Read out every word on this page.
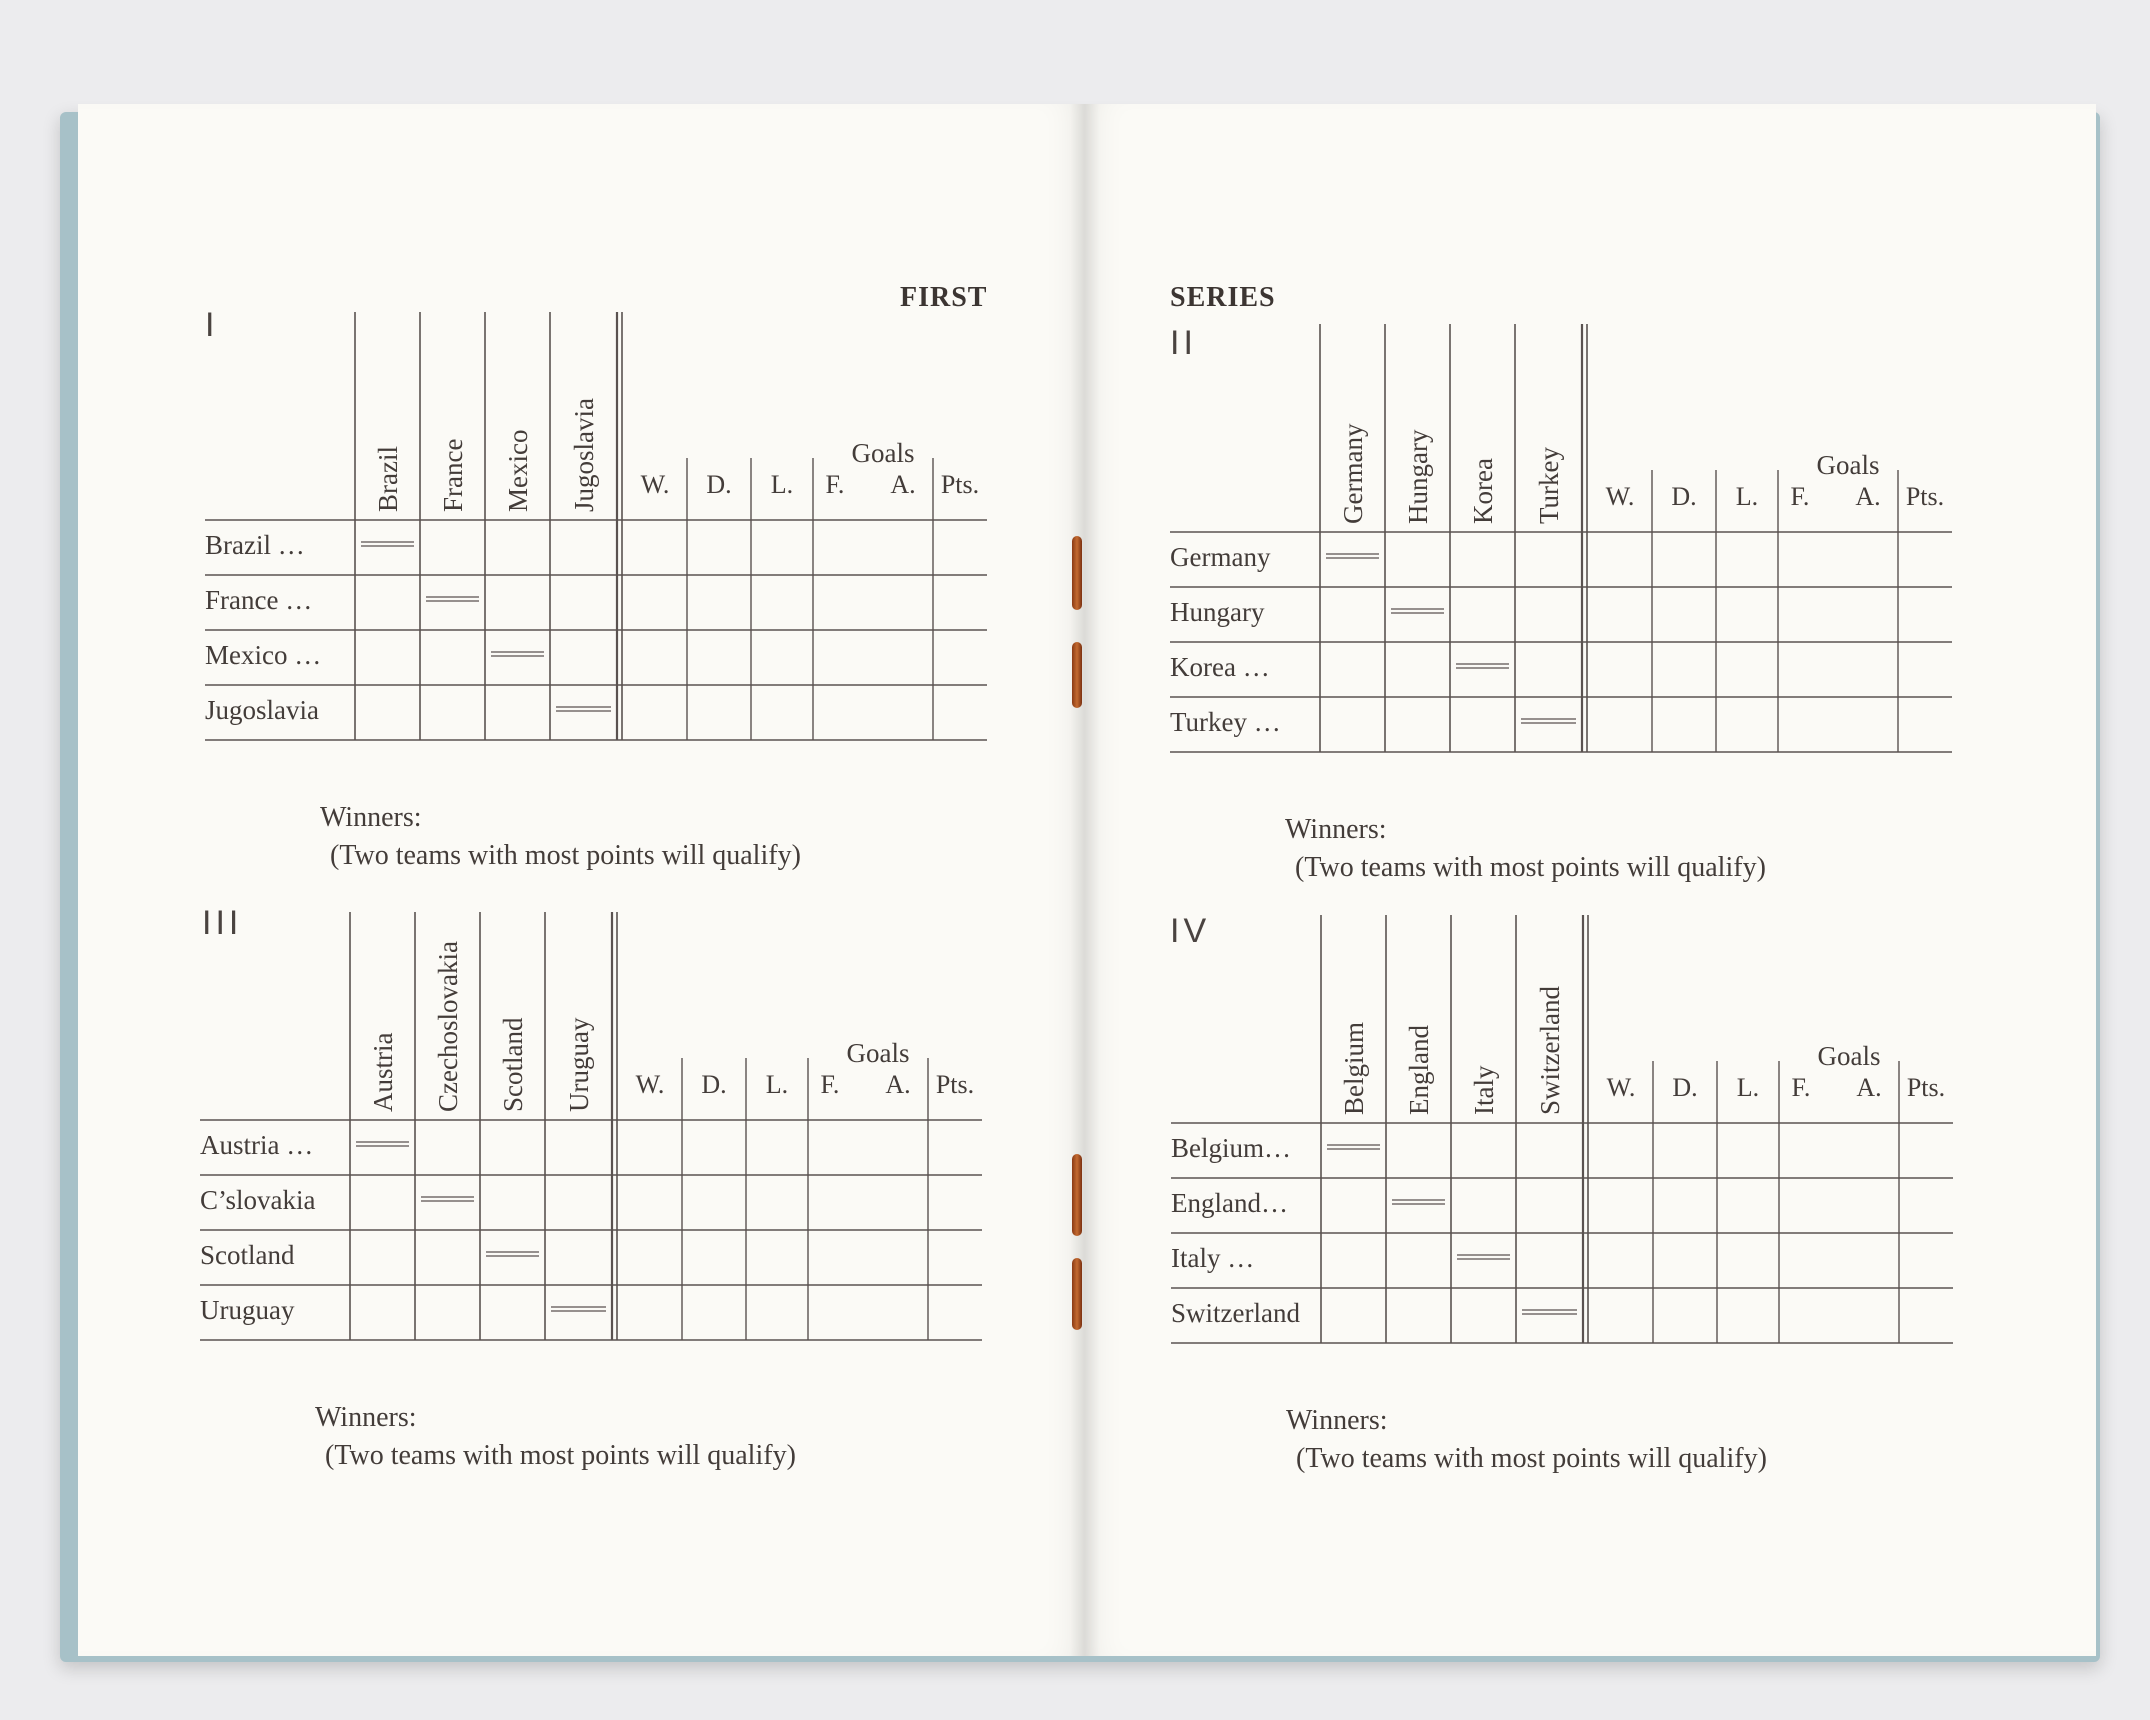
FIRST	SERIES
I
Brazil …
France …
Mexico …
Jugoslavia
Brazil France Mexico Jugoslavia W. D. L. F. A. Pts.
Goals
Winners:
(Two teams with most points will qualify)
II
Germany
Hungary
Korea …
Turkey …
Germany Hungary Korea Turkey W. D. L. F. A. Pts.
Goals
Winners:
(Two teams with most points will qualify)
III
Austria …
C’slovakia
Scotland
Uruguay
Austria Czechoslovakia Scotland Uruguay W. D. L. F. A. Pts.
Goals
Winners:
(Two teams with most points will qualify)
IV
Belgium…
England…
Italy …
Switzerland
Belgium England Italy Switzerland W. D. L. F. A. Pts.
Goals
Winners:
(Two teams with most points will qualify)
